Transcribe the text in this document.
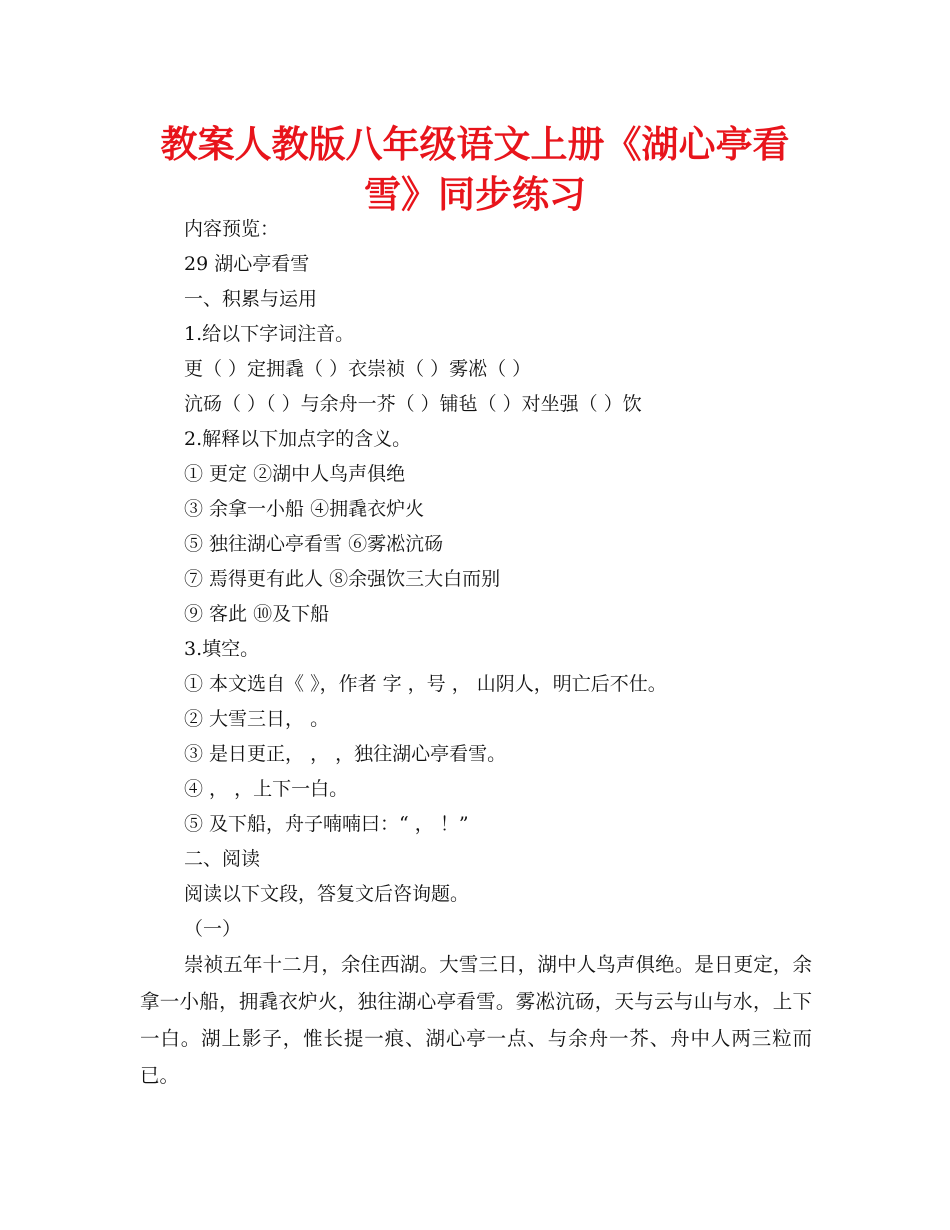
教案人教版八年级语文上册《湖心亭看
雪》同步练习
内容预览：
29 湖心亭看雪
一、积累与运用
1.给以下字词注音。
更（ ）定拥毳（ ）衣崇祯（ ）雾凇（ ）
沆砀（ ）（ ）与余舟一芥（ ）铺毡（ ）对坐强（ ）饮
2.解释以下加点字的含义。
① 更定 ②湖中人鸟声俱绝
③ 余拿一小船 ④拥毳衣炉火
⑤ 独往湖心亭看雪 ⑥雾凇沆砀
⑦ 焉得更有此人 ⑧余强饮三大白而别
⑨ 客此 ⑩及下船
3.填空。
① 本文选自《 》，作者 字 ，号 ， 山阴人，明亡后不仕。
② 大雪三日， 。
③ 是日更正， ， ，独往湖心亭看雪。
④ ， ，上下一白。
⑤ 及下船，舟子喃喃曰：“ ， ！”
二、阅读
阅读以下文段，答复文后咨询题。
（一）

崇祯五年十二月，余住西湖。大雪三日，湖中人鸟声俱绝。是日更定，余拿一小船，拥毳衣炉火，独往湖心亭看雪。雾凇沆砀，天与云与山与水，上下一白。湖上影子，惟长提一痕、湖心亭一点、与余舟一芥、舟中人两三粒而已。
